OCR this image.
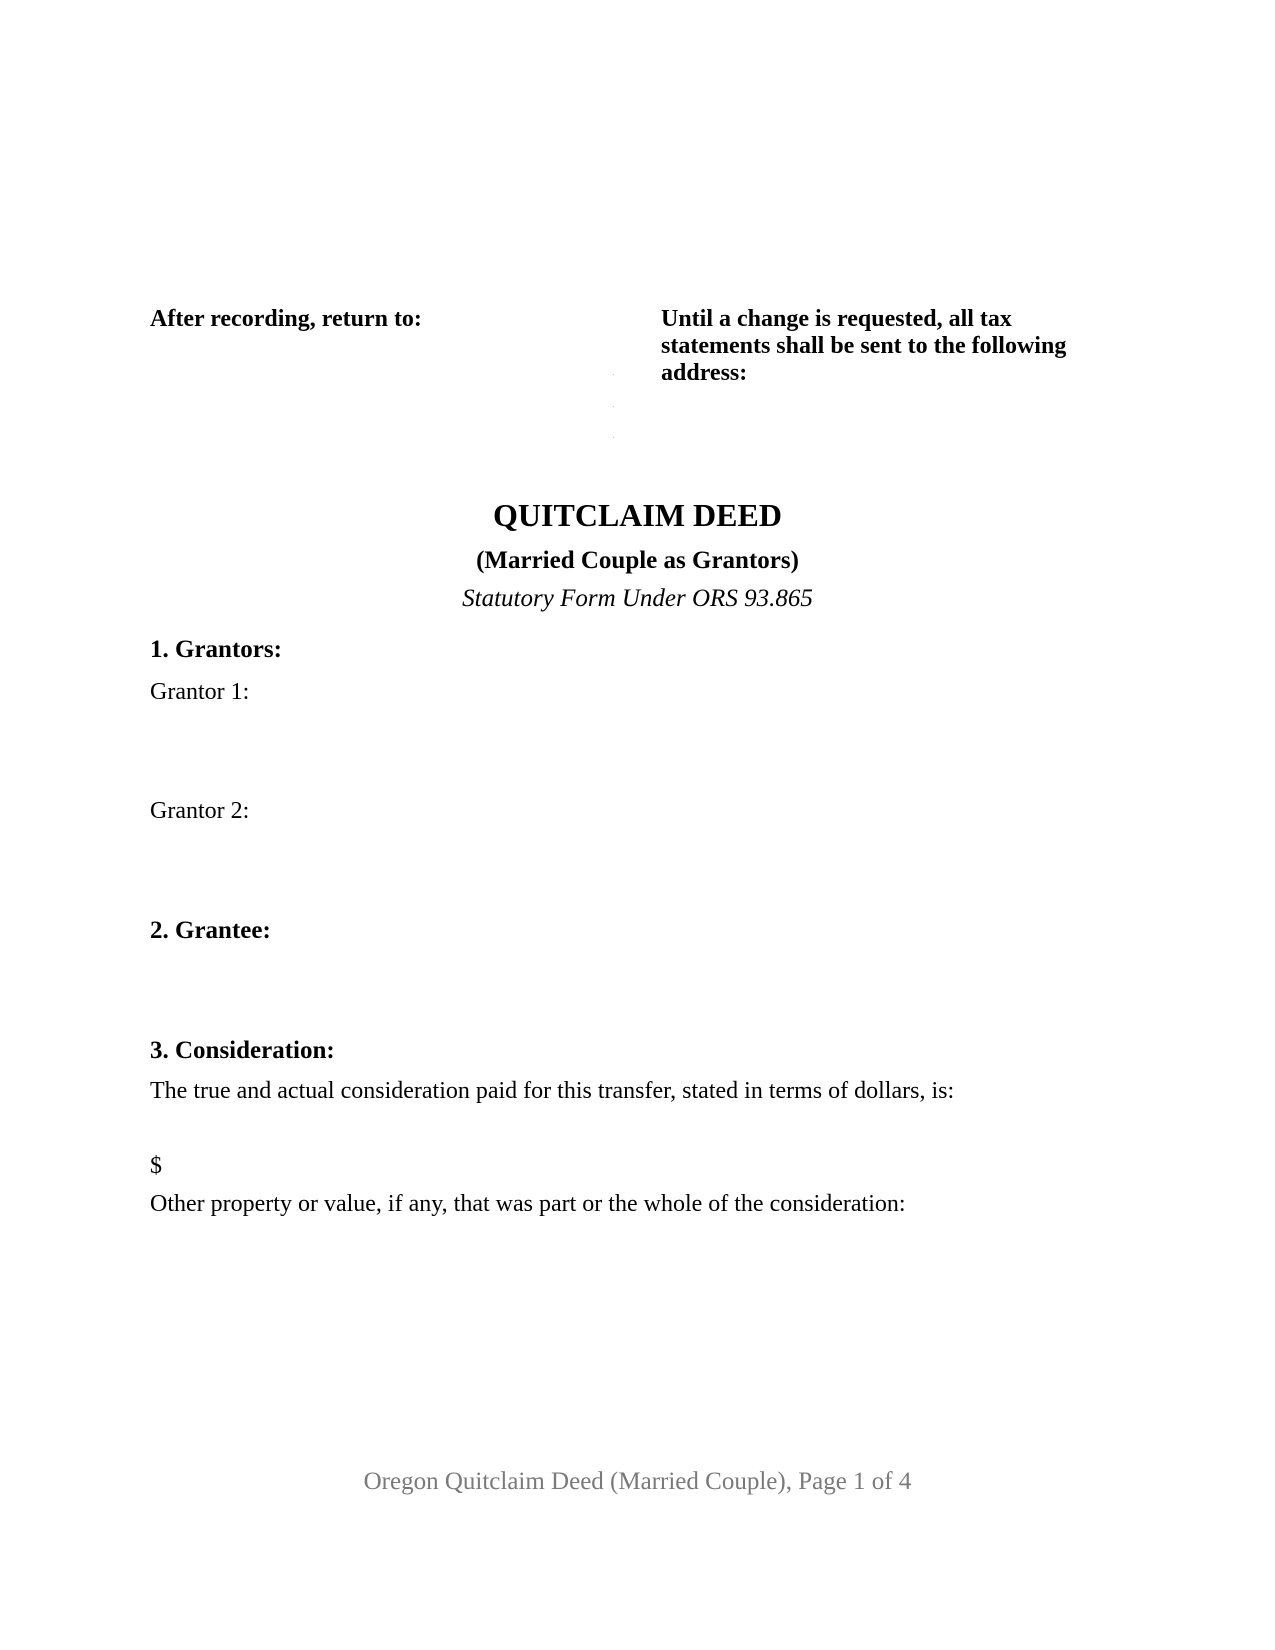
After recording, return to:	Until a change is requested, all tax statements shall be sent to the following address:
QUITCLAIM DEED
(Married Couple as Grantors)
Statutory Form Under ORS 93.865
1. Grantors:
Grantor 1:
Grantor 2:
2. Grantee:
3. Consideration:
The true and actual consideration paid for this transfer, stated in terms of dollars, is:
$
Other property or value, if any, that was part or the whole of the consideration:
Oregon Quitclaim Deed (Married Couple), Page 1 of 4
